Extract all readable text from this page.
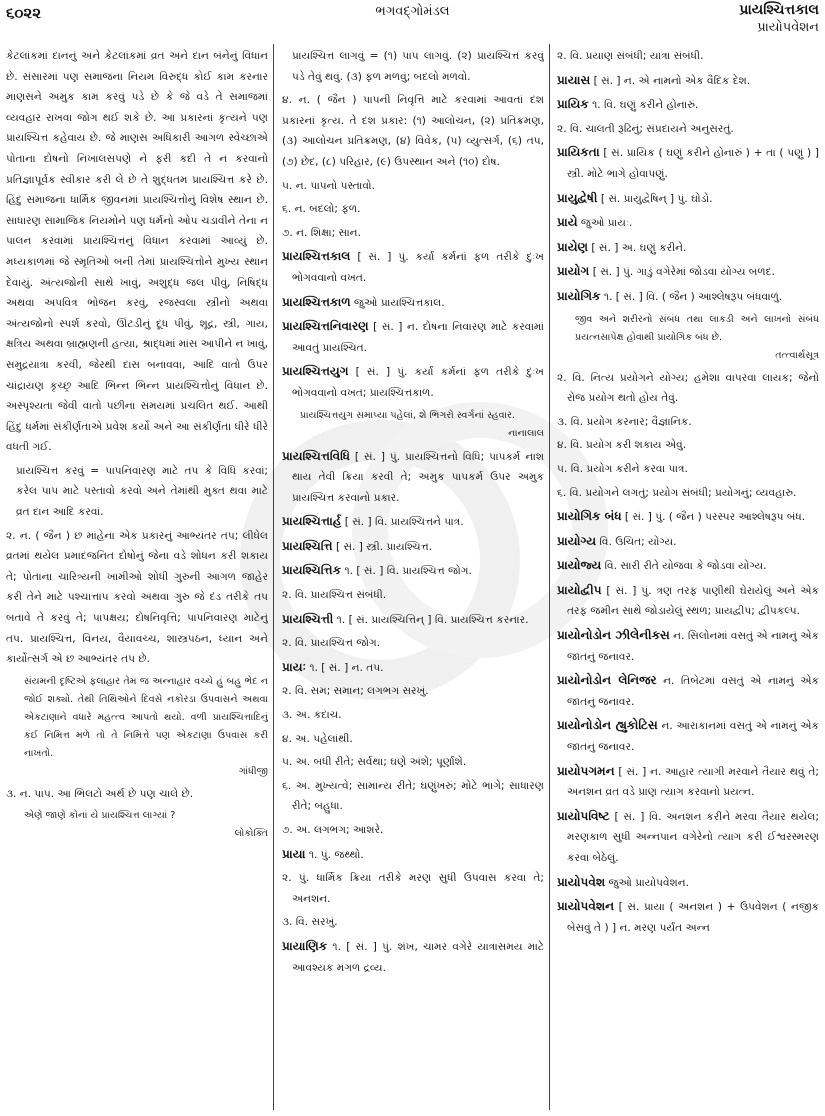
૬૦૨૨	ભગવદ્ગોમંડલ	પ્રાયશ્ચિત્તકાલ
પ્રાયોપવેશન

કેટલાંકમાં દાનનું અને કેટલાંકમાં વ્રત અને દાન બંનેનું વિધાન છે. સંસારમાં પણ સમાજના નિયમ વિરુદ્ધ કોઈ કામ કરનાર માણસને અમુક કામ કરવું પડે છે કે જે વડે તે સમાજમાં વ્યવહાર રાખવા જોગ થઈ શકે છે. આ પ્રકારનાં કૃત્યને પણ પ્રાયશ્ચિત્ત કહેવાય છે. જે માણસ અધિકારી આગળ સ્વેચ્છાએ પોતાના દોષનો નિખાલસપણે ને ફરી કદી તે ન કરવાનો પ્રતિજ્ઞાપૂર્વક સ્વીકાર કરી લે છે તે શુદ્ધતમ પ્રાયશ્ચિત્ત કરે છે. હિંદુ સમાજના ધાર્મિક જીવનમાં પ્રાયશ્ચિત્તોનું વિશેષ સ્થાન છે. સાધારણ સામાજિક નિયમોને પણ ધર્મનો ઓપ ચડાવીને તેના ન પાલન કરવામાં પ્રાયશ્ચિત્તનું વિધાન કરવામાં આવ્યું છે. મધ્યકાળમાં જે સ્મૃતિઓ બની તેમાં પ્રાયશ્ચિત્તોને મુખ્ય સ્થાન દેવાયું. અંત્યજોની સાથે ખાવું, અશુદ્ધ જલ પીવું, નિષિદ્ધ અથવા અપવિત્ર ભોજન કરવું, રજસ્વલા સ્ત્રીનો અથવા અંત્યજોનો સ્પર્શ કરવો, ઊંટડીનું દૂધ પીવું, શૂદ્ર, સ્ત્રી, ગાય, ક્ષત્રિય અથવા બ્રાહ્મણની હત્યા, શ્રાદ્ધમાં માંસ આપીને ન ખાવું, સમુદ્રયાત્રા કરવી, જેરથી દાસ બનાવવા, આદિ વાતો ઉપર ચાંદ્રાયણ કૃચ્છ્ર આદિ ભિન્ન ભિન્ન પ્રાયશ્ચિત્તોનું વિધાન છે. અસ્પૃશ્યતા જેવી વાતો પછીના સમયમાં પ્રચલિત થઈ. આથી હિંદુ ધર્મમાં સંકીર્ણતાએ પ્રવેશ કર્યો અને આ સંકીર્ણતા ધીરે ધીરે વધતી ગઈ.

પ્રાયશ્ચિત્ત કરવું = પાપનિવારણ માટે તપ કે વિધિ કરવાં; કરેલ પાપ માટે પસ્તાવો કરવો અને તેમાંથી મુક્ત થવા માટે વ્રત દાન આદિ કરવાં.

૨. ન. ( જૈન ) છ માંહેના એક પ્રકારનું આભ્યંતર તપ; લીધેલ વ્રતમાં થયેલ પ્રમાદજનિત દોષોનું જેના વડે શોધન કરી શકાય તે; પોતાના ચારિત્ર્યની ખામીઓ શોધી ગુરુની આગળ જાહેર કરી તેને માટે પશ્ચાત્તાપ કરવો અથવા ગુરુ જે દંડ તરીકે તપ બતાવે તે કરવું તે; પાપક્ષય; દોષનિવૃત્તિ; પાપનિવારણ માટેનું તપ. પ્રાયશ્ચિત્ત, વિનય, વૈયાવચ્ચ, શાસ્ત્રપઠન, ધ્યાન અને કાર્યોત્સર્ગ એ છ આભ્યંતર તપ છે.

સંયમની દૃષ્ટિએ ફલાહાર તેમ જ અન્નાહાર વચ્ચે હું બહુ ભેદ ન જોઈ શક્યો. તેથી તિથિઓને દિવસે નકોરડા ઉપવાસને અથવા એકટાણાને વધારે મહત્ત્વ આપતો થયો. વળી પ્રાયશ્ચિત્તાદિનું કંઈ નિમિત્ત મળે તો તે નિમિત્તે પણ એકટાણા ઉપવાસ કરી નાખતો.
ગાંધીજી

૩. ન. પાપ. આ ભિલટો અર્થ છે પણ ચાલે છે.

એણે જાણે કોનાં યે પ્રાયશ્ચિત્ત લાગ્યાં ?
લોકોક્તિ

પ્રાયશ્ચિત્ત લાગવું = (૧) પાપ લાગવું. (૨) પ્રાયશ્ચિત્ત કરવું પડે તેવું થવું. (૩) ફળ મળવું; બદલો મળવો.

૪. ન. ( જૈન ) પાપની નિવૃત્તિ માટે કરવામાં આવતાં દશ પ્રકારનાં કૃત્ય. તે દશ પ્રકાર: (૧) આલોચન, (૨) પ્રતિક્રમણ, (૩) આલોચન પ્રતિક્રમણ, (૪) વિવેક, (૫) વ્યુત્સર્ગ, (૬) તપ, (૭) છેદ, (૮) પરિહાર, (૯) ઉપસ્થાન અને (૧૦) દોષ.

૫. ન. પાપનો પસ્તાવો.

૬. ન. બદલો; ફળ.

૭. ન. શિક્ષા; સાન.

પ્રાયશ્ચિત્તકાલ [ સં. ] પું. કર્યાં કર્મનાં ફળ તરીકે દુઃખ ભોગવવાનો વખત.

પ્રાયશ્ચિત્તકાળ જુઓ પ્રાયશ્ચિત્તકાલ.

પ્રાયશ્ચિત્તનિવારણ [ સં. ] ન. દોષના નિવારણ માટે કરવામાં આવતું પ્રાયશ્ચિત.

પ્રાયશ્ચિત્તયુગ [ સં. ] પું. કર્યાં કર્મનાં ફળ તરીકે દુઃખ ભોગવવાનો વખત; પ્રાયશ્ચિત્તકાળ.

પ્રાયશ્ચિત્તયુગ સમાપ્યા પહેલાં, શે ભિગરો સ્વર્ગનાં સ્હવાર.
નાનાલાલ

પ્રાયશ્ચિત્તવિધિ [ સં. ] પું. પ્રાયશ્ચિત્તનો વિધિ; પાપકર્મ નાશ થાય તેવી ક્રિયા કરવી તે; અમુક પાપકર્મ ઉપર અમુક પ્રાયશ્ચિત્ત કરવાનો પ્રકાર.

પ્રાયશ્ચિત્તાર્હ [ સં. ] વિ. પ્રાયશ્ચિત્તને પાત્ર.

પ્રાયશ્ચિત્તિ [ સં. ] સ્ત્રી. પ્રાયશ્ચિત્ત.

પ્રાયશ્ચિત્તિક ૧. [ સં. ] વિ. પ્રાયશ્ચિત્ત જોગ.

૨. વિ. પ્રાયશ્ચિત્ત સંબંધી.

પ્રાયશ્ચિત્તી ૧. [ સં. પ્રાયશ્ચિત્તિન્ ] વિ. પ્રાયશ્ચિત્ત કરનાર.

૨. વિ. પ્રાયશ્ચિત્ત જોગ.

પ્રાયઃ ૧. [ સં. ] ન. તપ.

૨. વિ. સમ; સમાન; લગભગ સરખું.

૩. અ. કદાચ.

૪. અ. પહેલાંથી.

૫. અ. બધી રીતે; સર્વથા; ઘણે અંશે; પૂર્ણાંશે.

૬. અ. મુખ્યત્વે; સામાન્ય રીતે; ઘણુંખરું; મોટે ભાગે; સાધારણ રીતે; બહુધા.

૭. અ. લગભગ; આશરે.

પ્રાયા ૧. પું. જથ્થો.

૨. પું. ધાર્મિક ક્રિયા તરીકે મરણ સુધી ઉપવાસ કરવા તે; અનશન.

૩. વિ. સરખું.

પ્રાયાણિક ૧. [ સં. ] પું. શંખ, ચામર વગેરે યાત્રાસમય માટે આવશ્યક મંગળ દ્રવ્ય.

૨. વિ. પ્રયાણ સંબંધી; યાત્રા સંબંધી.

પ્રાયાસ [ સં. ] ન. એ નામનો એક વૈદિક દેશ.

પ્રાયિક ૧. વિ. ઘણું કરીને હોનારું.

૨. વિ. ચાલતી રૂઢિનું; સંપ્રદાયને અનુસરતું.

પ્રાયિકતા [ સં. પ્રાયિક ( ઘણું કરીને હોનારું ) + તા ( પણું ) ] સ્ત્રી. મોટે ભાગે હોવાપણું.

પ્રાયુદ્વેષી [ સં. પ્રાયુદ્વેષિન્ ] પું. ઘોડો.

પ્રાયે જુઓ પ્રાયઃ.

પ્રાયેણ [ સં. ] અ. ઘણું કરીને.

પ્રાયોગ [ સં. ] પું. ગાડું વગેરેમાં જોડવા યોગ્ય બળદ.

પ્રાયોગિક ૧. [ સં. ] વિ. ( જૈન ) આશ્લેષરૂપ બંધવાળું.

જીવ અને શરીરનો સંબંધ તથા લાકડી અને લાખનો સંબંધ પ્રયત્નસાપેક્ષ હોવાથી પ્રાયોગિક બંધ છે.
તત્ત્વાર્થસૂત્ર

૨. વિ. નિત્ય પ્રયોગને યોગ્ય; હમેશા વાપરવા લાયક; જેનો રોજ પ્રયોગ થતો હોય તેવું.

૩. વિ. પ્રયોગ કરનાર; વૈજ્ઞાનિક.

૪. વિ. પ્રયોગ કરી શકાય એવું.

૫. વિ. પ્રયોગ કરીને કરવા પાત્ર.

૬. વિ. પ્રયોગને લગતું; પ્રયોગ સંબંધી; પ્રયોગનું; વ્યવહારુ.

પ્રાયોગિક બંધ [ સં. ] પું. ( જૈન ) પરસ્પર આશ્લેષરૂપ બંધ.

પ્રાયોગ્ય વિ. ઉચિત; યોગ્ય.

પ્રાયોજ્ય વિ. સારી રીતે યોજવા કે જોડવા યોગ્ય.

પ્રાયોદ્વીપ [ સં. ] પું. ત્રણ તરફ પાણીથી ઘેરાયેલું અને એક તરફ જમીન સાથે જોડાયેલું સ્થળ; પ્રાયદ્વીપ; દ્વીપકલ્પ.

પ્રાયોનોડોન ઝીલેનીકસ ન. સિલોનમાં વસતું એ નામનું એક જાતનું જનાવર.

પ્રાયોનોડોન લેનિજર ન. તિબેટમાં વસતું એ નામનું એક જાતનું જનાવર.

પ્રાયોનોડોન હ્યુકોટિસ ન. આરાકાનમાં વસતું એ નામનું એક જાતનું જનાવર.

પ્રાયોપગમન [ સં. ] ન. આહાર ત્યાગી મરવાને તૈયાર થવું તે; અનશન વ્રત વડે પ્રાણ ત્યાગ કરવાનો પ્રયત્ન.

પ્રાયોપવિષ્ટ [ સં. ] વિ. અનશન કરીને મરવા તૈયાર થયેલ; મરણકાળ સુધી અન્નપાન વગેરેનો ત્યાગ કરી ઈશ્વરસ્મરણ કરવા બેઠેલું.

પ્રાયોપવેશ જુઓ પ્રાયોપવેશન.

પ્રાયોપવેશન [ સં. પ્રાયા ( અનશન ) + ઉપવેશન ( નજીક બેસવું તે ) ] ન. મરણ પર્યંત અન્ન
